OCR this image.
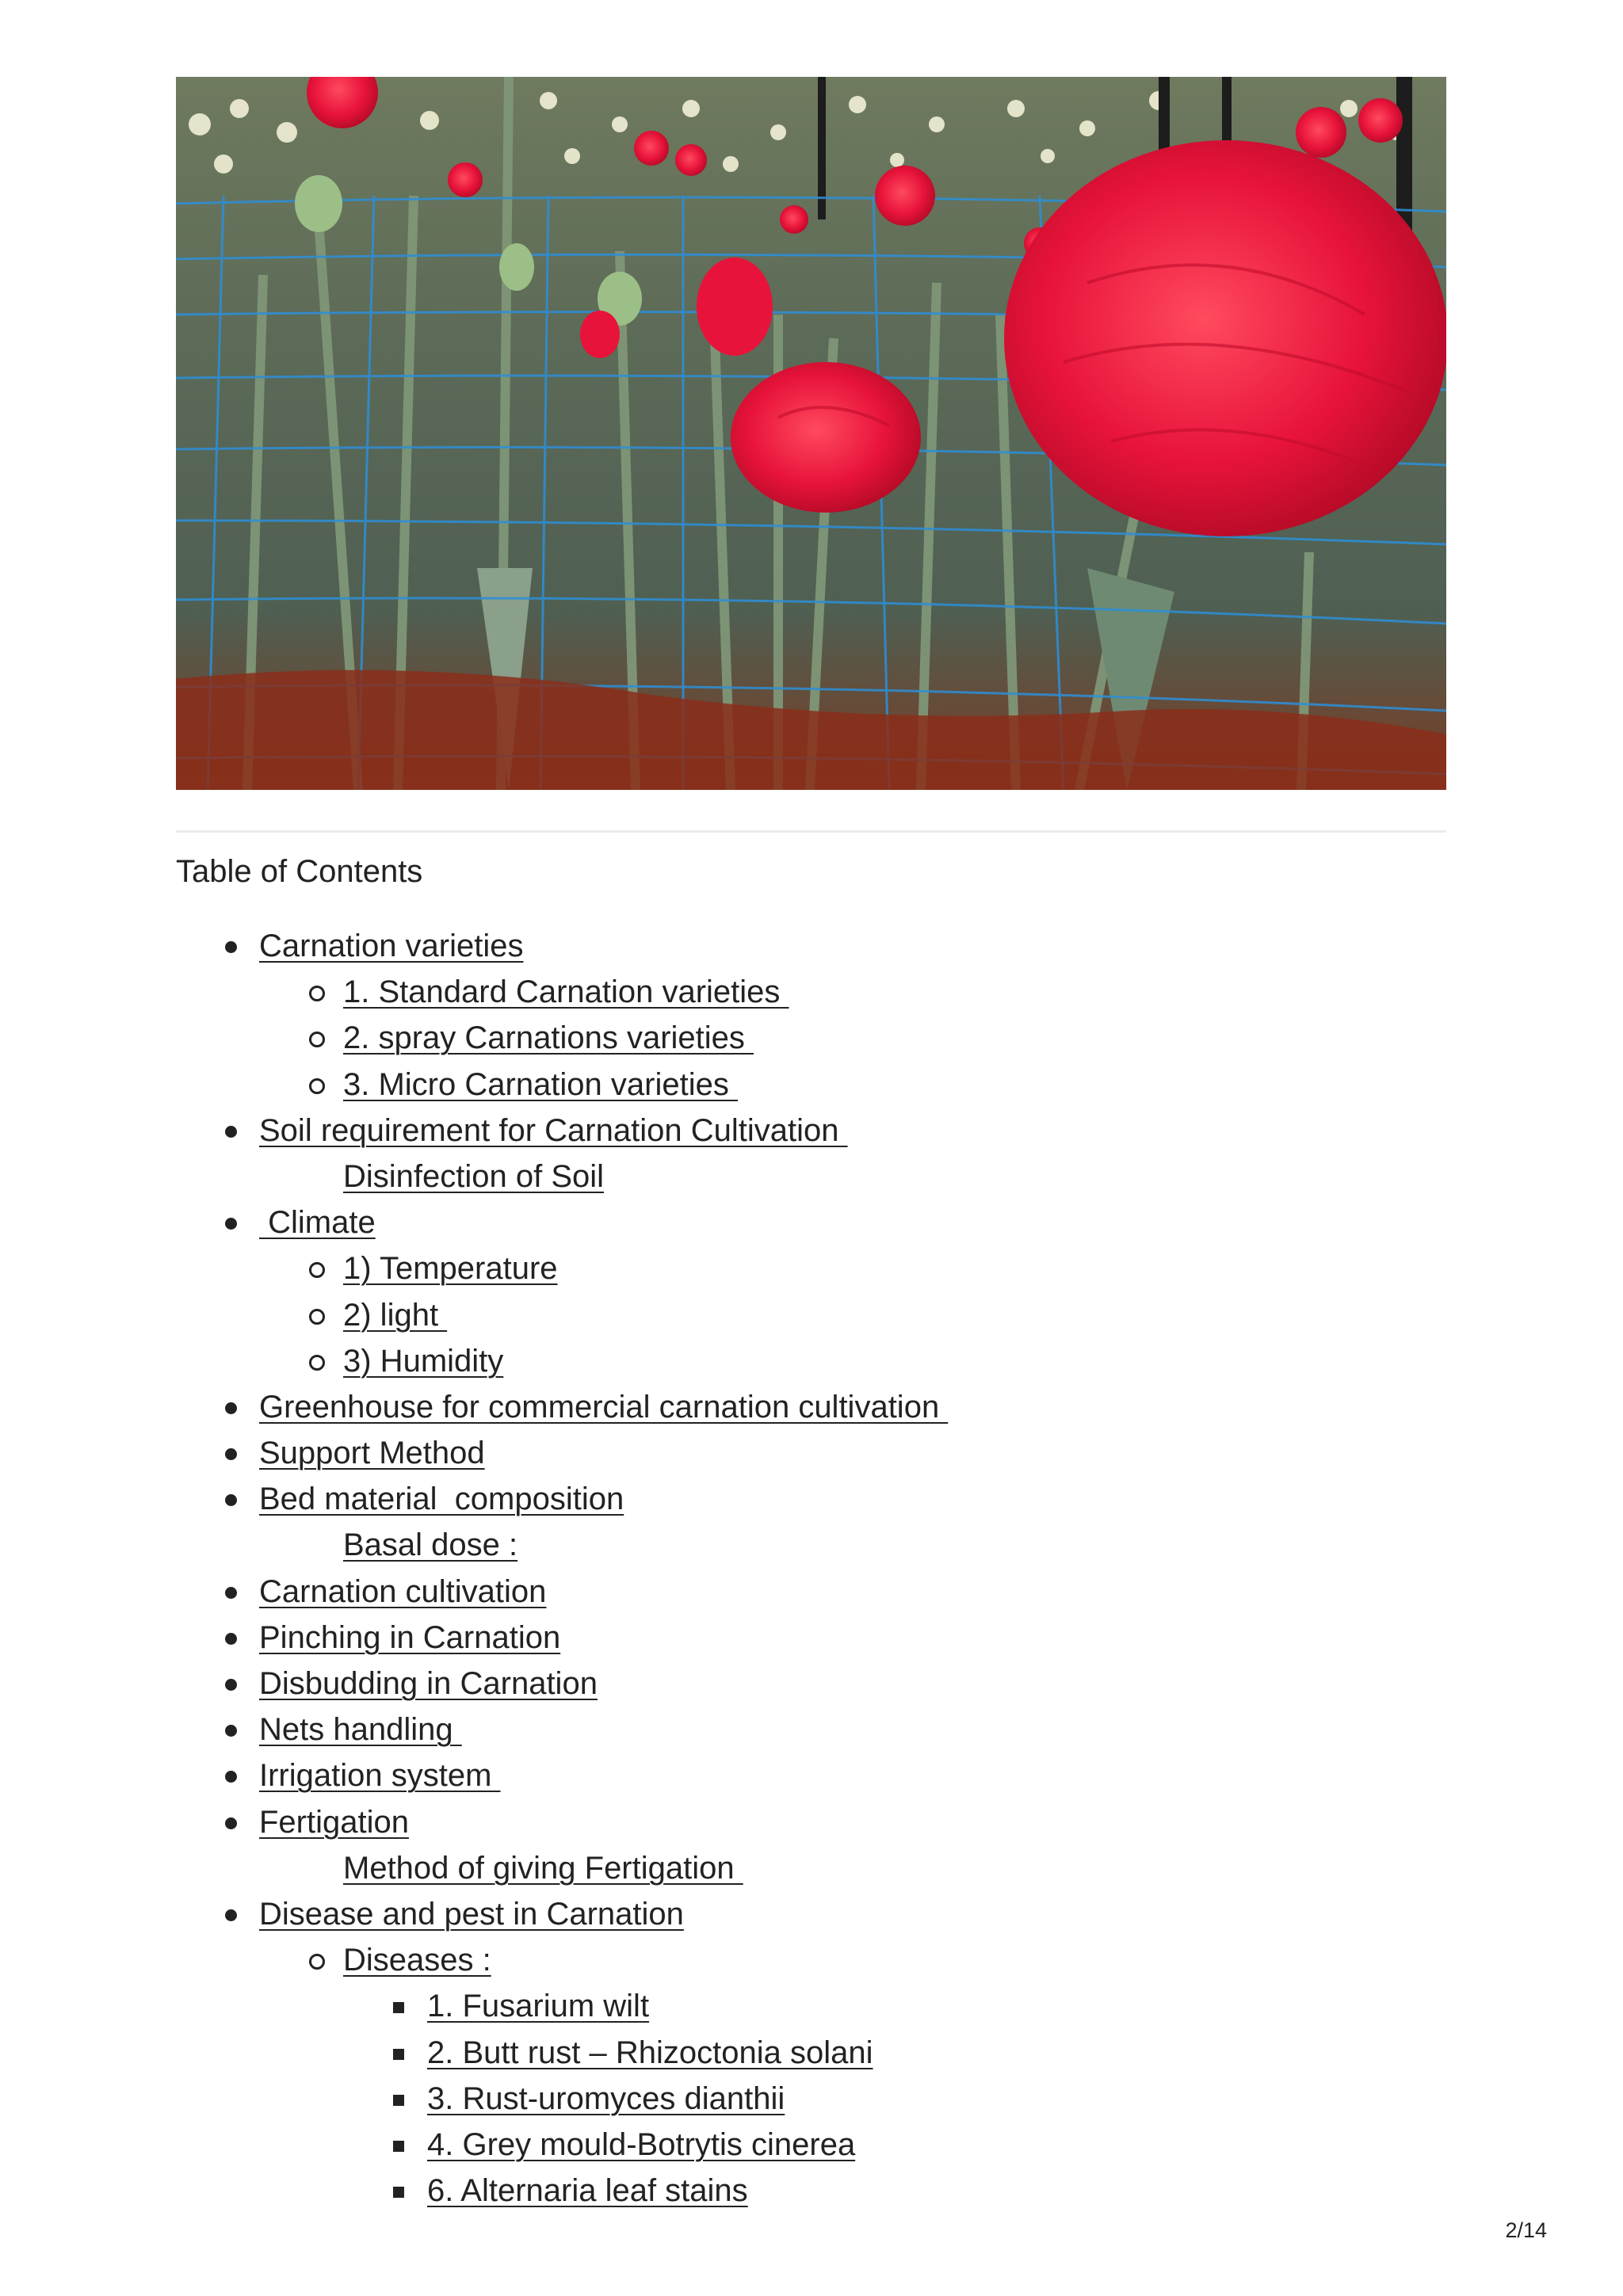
Table of Contents
Carnation varieties
1. Standard Carnation varieties
2. spray Carnations varieties
3. Micro Carnation varieties
Soil requirement for Carnation Cultivation
Disinfection of Soil
Climate
1) Temperature
2) light
3) Humidity
Greenhouse for commercial carnation cultivation
Support Method
Bed material  composition
Basal dose :
Carnation cultivation
Pinching in Carnation
Disbudding in Carnation
Nets handling
Irrigation system
Fertigation
Method of giving Fertigation
Disease and pest in Carnation
Diseases :
1. Fusarium wilt
2. Butt rust – Rhizoctonia solani
3. Rust-uromyces dianthii
4. Grey mould-Botrytis cinerea
6. Alternaria leaf stains
2/14
